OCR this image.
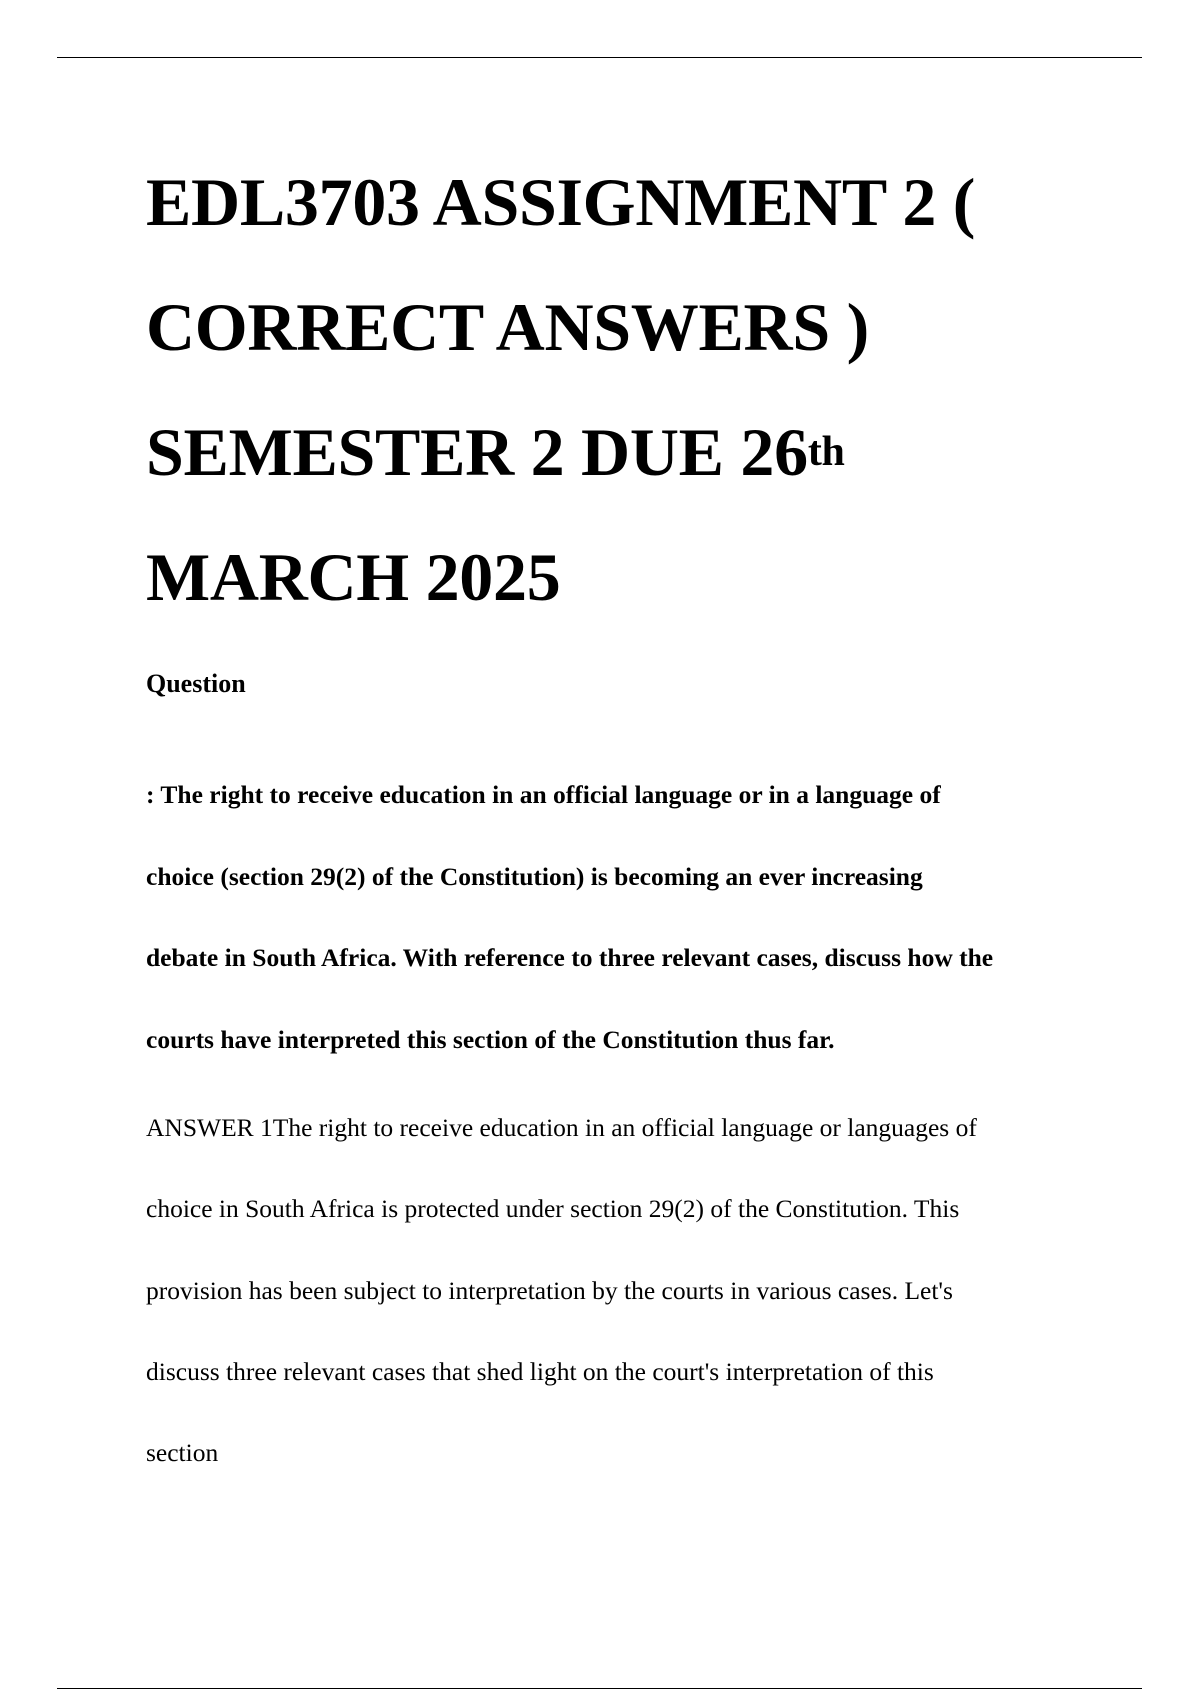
EDL3703 ASSIGNMENT 2 (
CORRECT ANSWERS )
SEMESTER 2 DUE 26th
MARCH 2025

Question

: The right to receive education in an official language or in a language of
choice (section 29(2) of the Constitution) is becoming an ever increasing
debate in South Africa. With reference to three relevant cases, discuss how the
courts have interpreted this section of the Constitution thus far.

ANSWER 1The right to receive education in an official language or languages of
choice in South Africa is protected under section 29(2) of the Constitution. This
provision has been subject to interpretation by the courts in various cases. Let's
discuss three relevant cases that shed light on the court's interpretation of this
section
